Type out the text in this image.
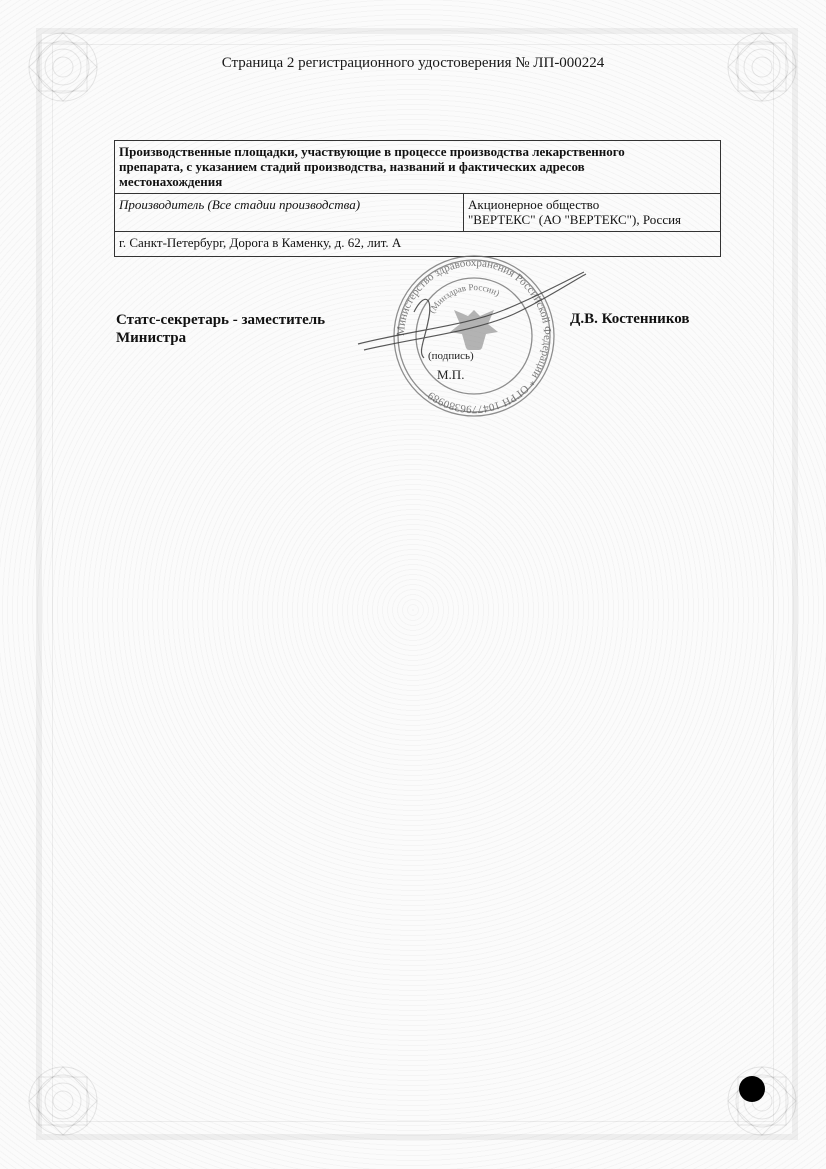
Страница 2 регистрационного удостоверения № ЛП-000224
Производственные площадки, участвующие в процессе производства лекарственного
препарата, с указанием стадий производства, названий и фактических адресов
местонахождения

Производитель (Все стадии производства)	Акционерное общество
"ВЕРТЕКС" (АО "ВЕРТЕКС"), Россия

г. Санкт-Петербург, Дорога в Каменку, д. 62, лит. А
Министерство здравоохранения Российской Федерации * ОГРН 1047796380989
(Минздрав России)
Статс-секретарь - заместитель
Министра
Д.В. Костенников
(подпись)
М.П.
